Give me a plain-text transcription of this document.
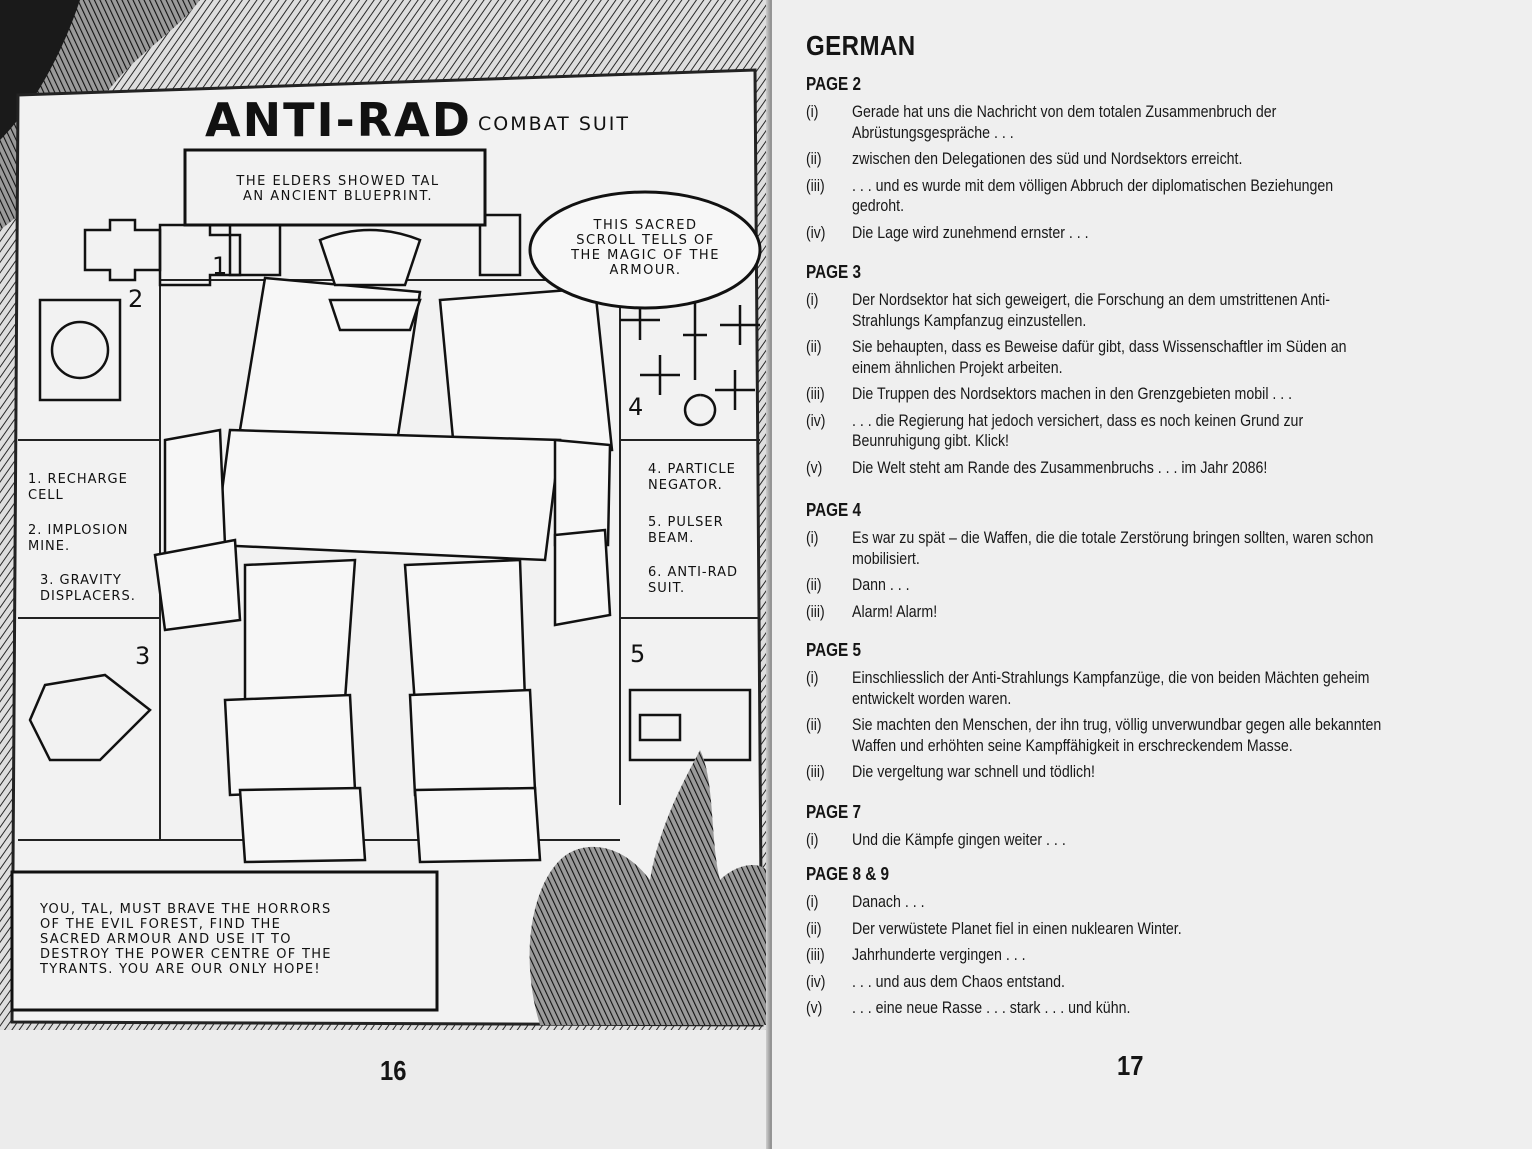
ANTI-RAD COMBAT SUIT
THE ELDERS SHOWED TAL
AN ANCIENT BLUEPRINT.
THIS SACRED
SCROLL TELLS OF
THE MAGIC OF THE
ARMOUR.
1. RECHARGE
CELL
2. IMPLOSION
MINE.
3. GRAVITY
DISPLACERS.
4. PARTICLE
NEGATOR.
5. PULSER
BEAM.
6. ANTI-RAD
SUIT.
1
2
3
4
5
YOU, TAL, MUST BRAVE THE HORRORS
OF THE EVIL FOREST, FIND THE
SACRED ARMOUR AND USE IT TO
DESTROY THE POWER CENTRE OF THE
TYRANTS. YOU ARE OUR ONLY HOPE!
16
GERMAN
PAGE 2
(i)	Gerade hat uns die Nachricht von dem totalen Zusammenbruch der Abrüstungsgespräche . . .
(ii)	zwischen den Delegationen des süd und Nordsektors erreicht.
(iii)	. . . und es wurde mit dem völligen Abbruch der diplomatischen Beziehungen gedroht.
(iv)	Die Lage wird zunehmend ernster . . .
PAGE 3
(i)	Der Nordsektor hat sich geweigert, die Forschung an dem umstrittenen Anti-Strahlungs Kampfanzug einzustellen.
(ii)	Sie behaupten, dass es Beweise dafür gibt, dass Wissenschaftler im Süden an einem ähnlichen Projekt arbeiten.
(iii)	Die Truppen des Nordsektors machen in den Grenzgebieten mobil . . .
(iv)	. . . die Regierung hat jedoch versichert, dass es noch keinen Grund zur Beunruhigung gibt. Klick!
(v)	Die Welt steht am Rande des Zusammenbruchs . . . im Jahr 2086!
PAGE 4
(i)	Es war zu spät – die Waffen, die die totale Zerstörung bringen sollten, waren schon mobilisiert.
(ii)	Dann . . .
(iii)	Alarm! Alarm!
PAGE 5
(i)	Einschliesslich der Anti-Strahlungs Kampfanzüge, die von beiden Mächten geheim entwickelt worden waren.
(ii)	Sie machten den Menschen, der ihn trug, völlig unverwundbar gegen alle bekannten Waffen und erhöhten seine Kampffähigkeit in erschreckendem Masse.
(iii)	Die vergeltung war schnell und tödlich!
PAGE 7
(i)	Und die Kämpfe gingen weiter . . .
PAGE 8 & 9
(i)	Danach . . .
(ii)	Der verwüstete Planet fiel in einen nuklearen Winter.
(iii)	Jahrhunderte vergingen . . .
(iv)	. . . und aus dem Chaos entstand.
(v)	. . . eine neue Rasse . . . stark . . . und kühn.
17
